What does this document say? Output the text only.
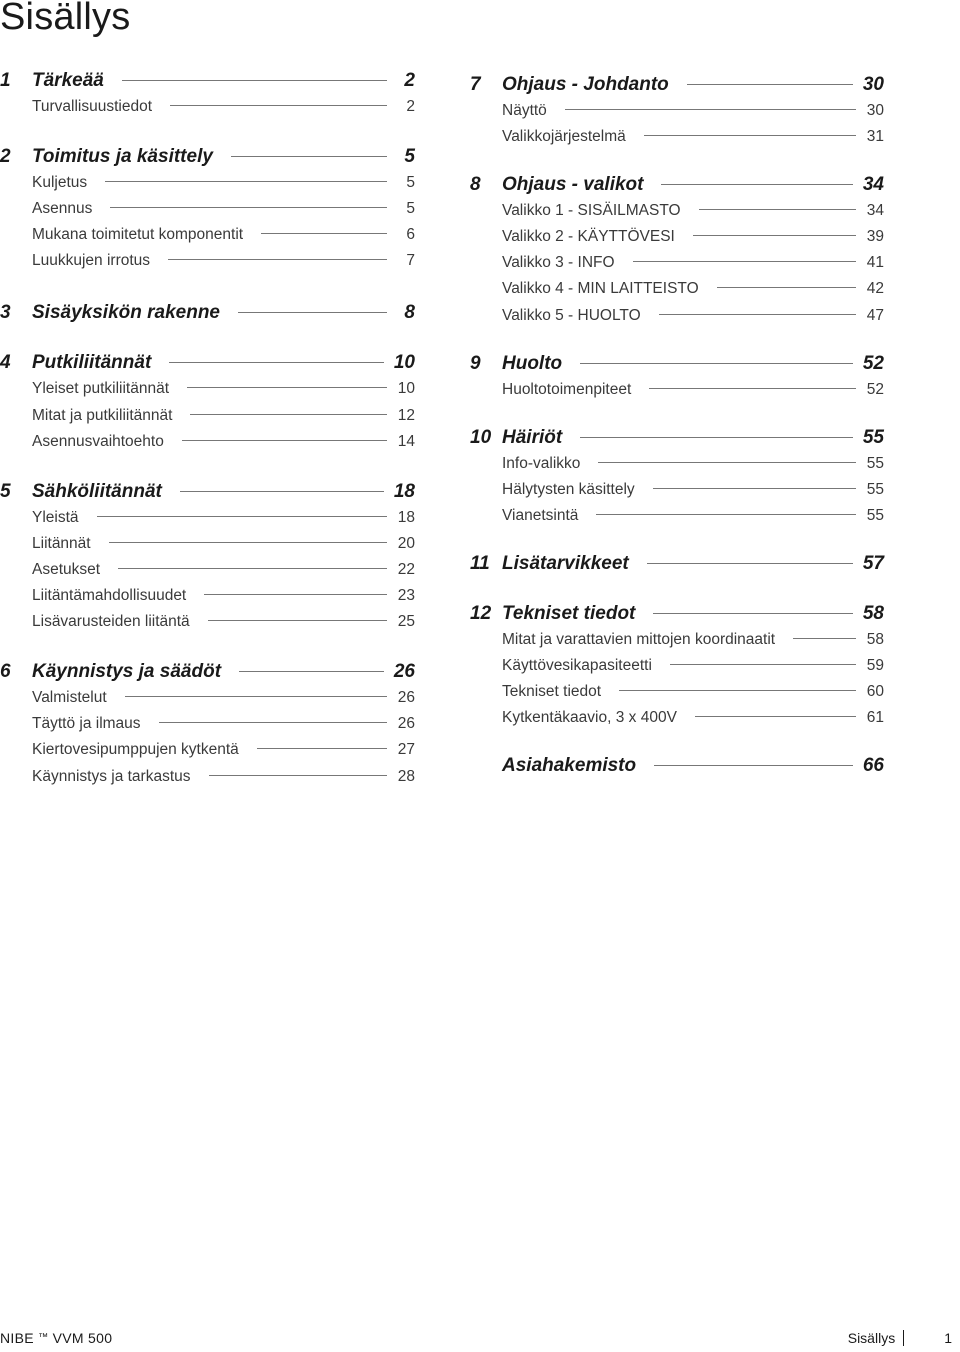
Sisällys
1	Tärkeää	2
Turvallisuustiedot	2
2	Toimitus ja käsittely	5
Kuljetus	5
Asennus	5
Mukana toimitetut komponentit	6
Luukkujen irrotus	7
3	Sisäyksikön rakenne	8
4	Putkiliitännät	10
Yleiset putkiliitännät	10
Mitat ja putkiliitännät	12
Asennusvaihtoehto	14
5	Sähköliitännät	18
Yleistä	18
Liitännät	20
Asetukset	22
Liitäntämahdollisuudet	23
Lisävarusteiden liitäntä	25
6	Käynnistys ja säädöt	26
Valmistelut	26
Täyttö ja ilmaus	26
Kiertovesipumppujen kytkentä	27
Käynnistys ja tarkastus	28
7	Ohjaus - Johdanto	30
Näyttö	30
Valikkojärjestelmä	31
8	Ohjaus - valikot	34
Valikko 1 - SISÄILMASTO	34
Valikko 2 - KÄYTTÖVESI	39
Valikko 3 - INFO	41
Valikko 4 - MIN LAITTEISTO	42
Valikko 5 - HUOLTO	47
9	Huolto	52
Huoltotoimenpiteet	52
10 Häiriöt	55
Info-valikko	55
Hälytysten käsittely	55
Vianetsintä	55
11 Lisätarvikkeet	57
12 Tekniset tiedot	58
Mitat ja varattavien mittojen koordinaatit	58
Käyttövesikapasiteetti	59
Tekniset tiedot	60
Kytkentäkaavio, 3 x 400V	61
Asiahakemisto	66
NIBE ™ VVM 500	Sisällys	1
